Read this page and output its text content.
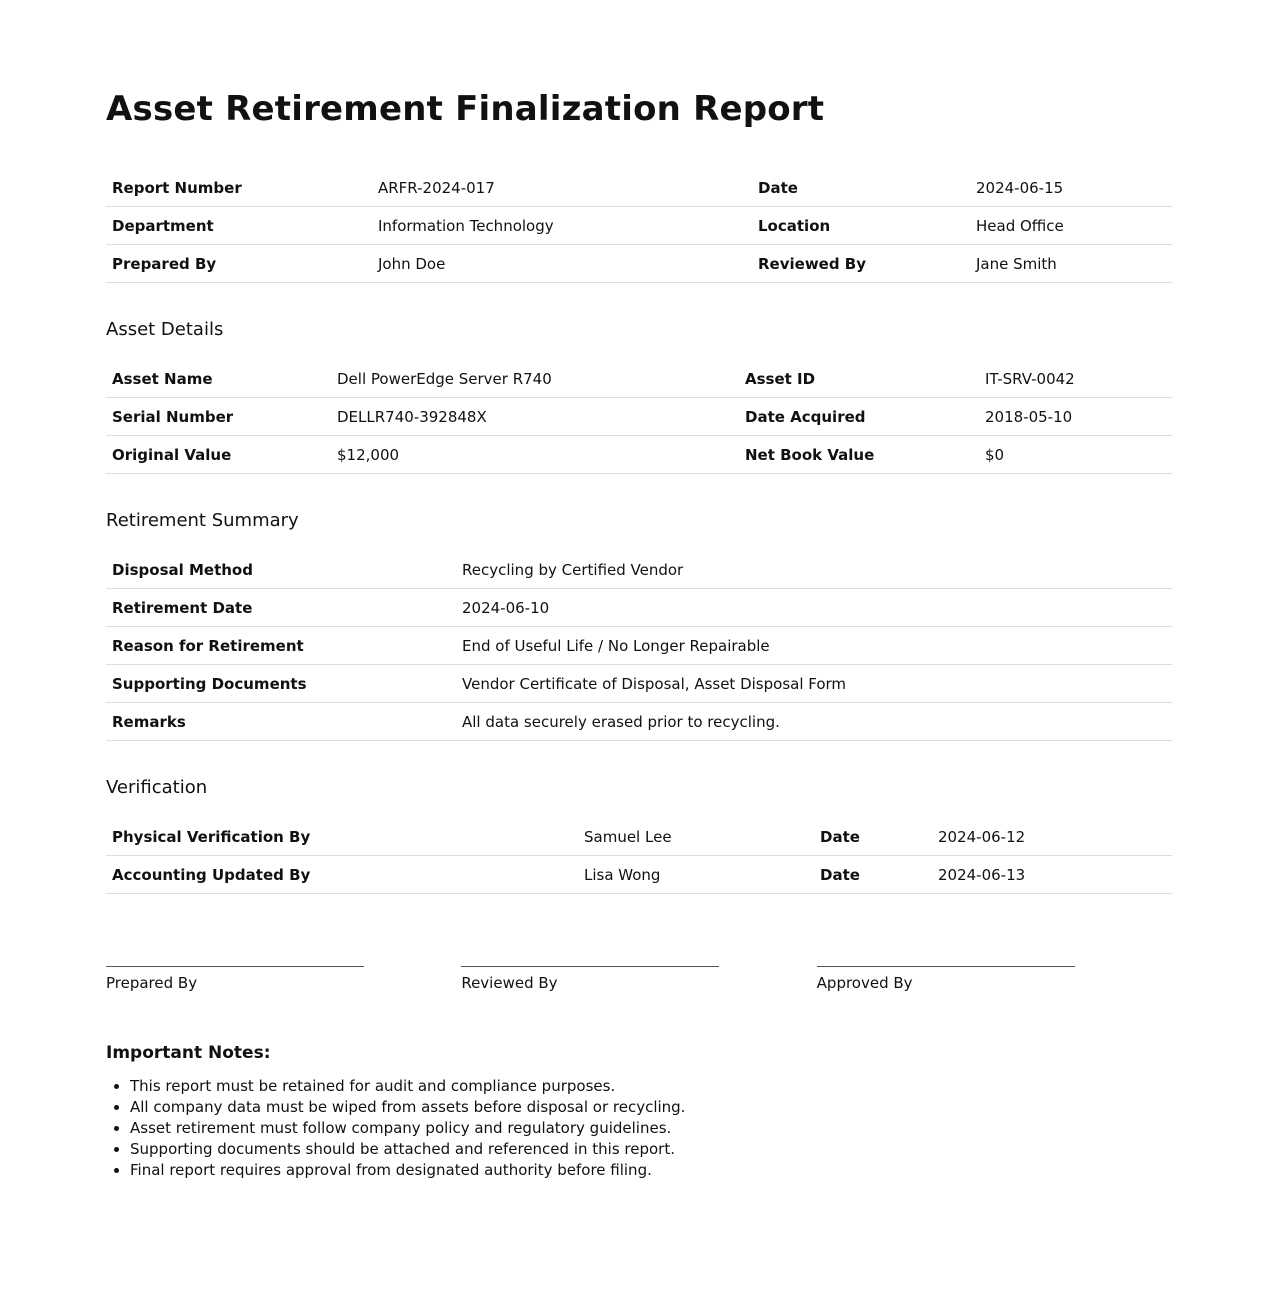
Asset Retirement Finalization Report
Report Number	ARFR-2024-017	Date	2024-06-15
Department	Information Technology	Location	Head Office
Prepared By	John Doe	Reviewed By	Jane Smith
Asset Details
Asset Name	Dell PowerEdge Server R740	Asset ID	IT-SRV-0042
Serial Number	DELLR740-392848X	Date Acquired	2018-05-10
Original Value	$12,000	Net Book Value	$0
Retirement Summary
Disposal Method	Recycling by Certified Vendor
Retirement Date	2024-06-10
Reason for Retirement	End of Useful Life / No Longer Repairable
Supporting Documents	Vendor Certificate of Disposal, Asset Disposal Form
Remarks	All data securely erased prior to recycling.
Verification
Physical Verification By	Samuel Lee	Date	2024-06-12
Accounting Updated By	Lisa Wong	Date	2024-06-13
Prepared By	Reviewed By	Approved By
Important Notes:
• This report must be retained for audit and compliance purposes.
• All company data must be wiped from assets before disposal or recycling.
• Asset retirement must follow company policy and regulatory guidelines.
• Supporting documents should be attached and referenced in this report.
• Final report requires approval from designated authority before filing.
